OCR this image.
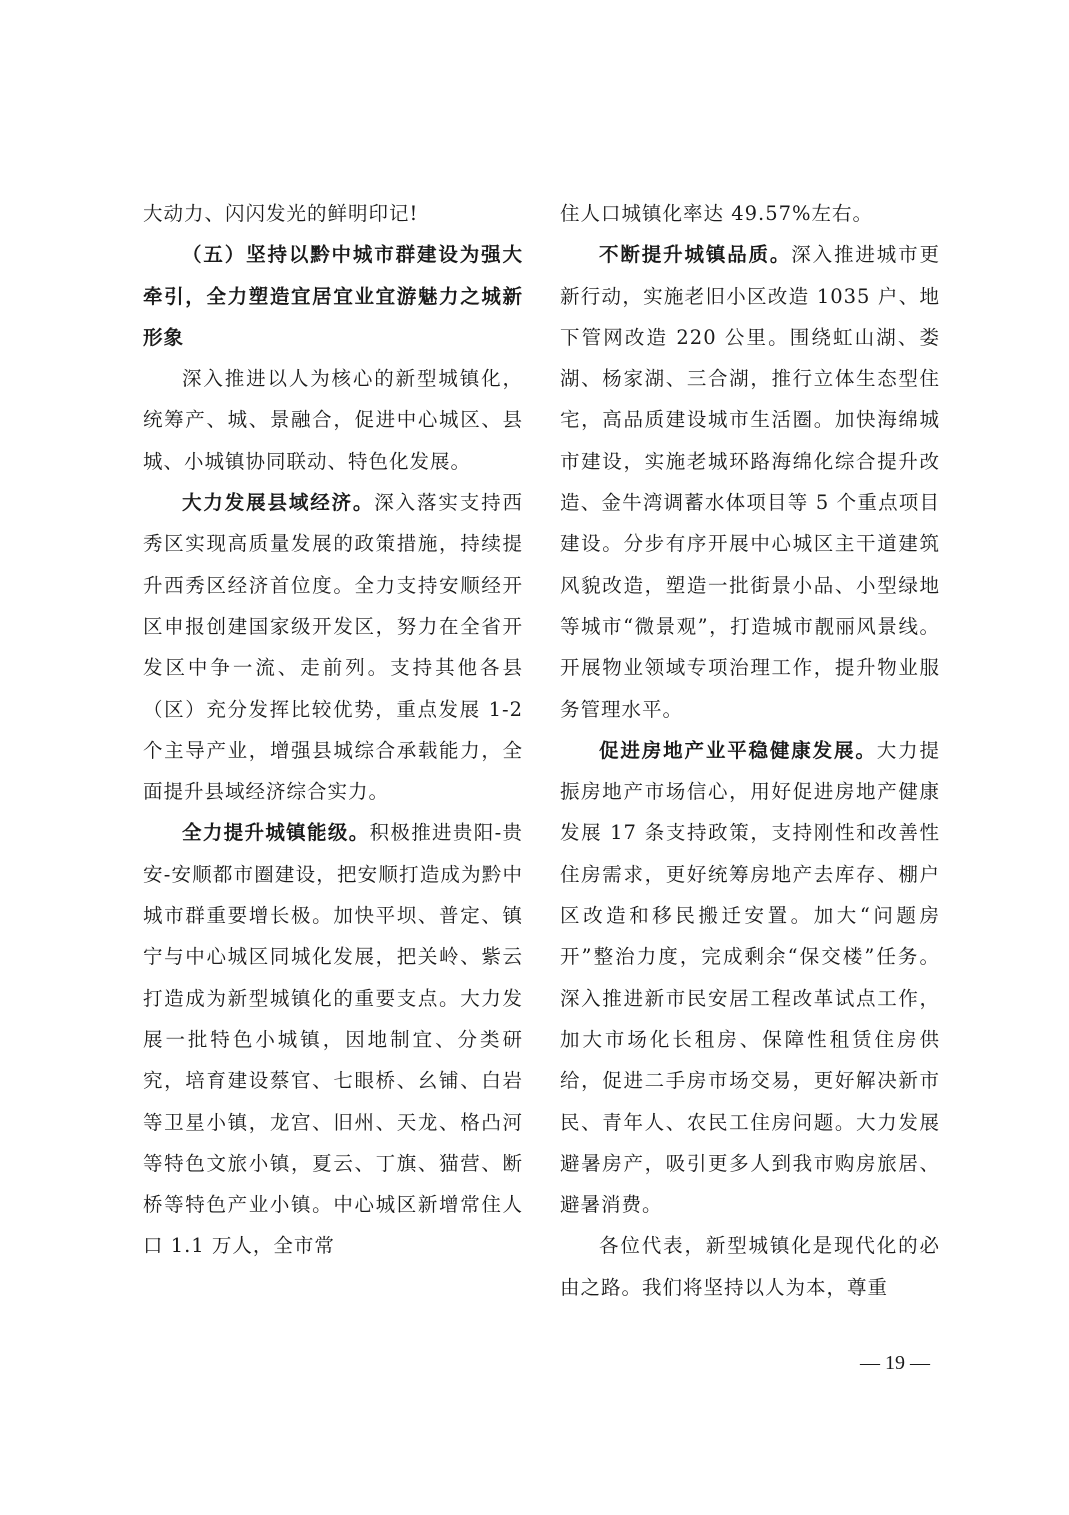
大动力、闪闪发光的鲜明印记!

（五）坚持以黔中城市群建设为强大牵引，全力塑造宜居宜业宜游魅力之城新形象

深入推进以人为核心的新型城镇化，统筹产、城、景融合，促进中心城区、县城、小城镇协同联动、特色化发展。

大力发展县域经济。深入落实支持西秀区实现高质量发展的政策措施，持续提升西秀区经济首位度。全力支持安顺经开区申报创建国家级开发区，努力在全省开发区中争一流、走前列。支持其他各县（区）充分发挥比较优势，重点发展 1-2 个主导产业，增强县城综合承载能力，全面提升县域经济综合实力。

全力提升城镇能级。积极推进贵阳-贵安-安顺都市圈建设，把安顺打造成为黔中城市群重要增长极。加快平坝、普定、镇宁与中心城区同城化发展，把关岭、紫云打造成为新型城镇化的重要支点。大力发展一批特色小城镇，因地制宜、分类研究，培育建设蔡官、七眼桥、幺铺、白岩等卫星小镇，龙宫、旧州、天龙、格凸河等特色文旅小镇，夏云、丁旗、猫营、断桥等特色产业小镇。中心城区新增常住人口 1.1 万人，全市常

住人口城镇化率达 49.57%左右。

不断提升城镇品质。深入推进城市更新行动，实施老旧小区改造 1035 户、地下管网改造 220 公里。围绕虹山湖、娄湖、杨家湖、三合湖，推行立体生态型住宅，高品质建设城市生活圈。加快海绵城市建设，实施老城环路海绵化综合提升改造、金牛湾调蓄水体项目等 5 个重点项目建设。分步有序开展中心城区主干道建筑风貌改造，塑造一批街景小品、小型绿地等城市“微景观”，打造城市靓丽风景线。开展物业领域专项治理工作，提升物业服务管理水平。

促进房地产业平稳健康发展。大力提振房地产市场信心，用好促进房地产健康发展 17 条支持政策，支持刚性和改善性住房需求，更好统筹房地产去库存、棚户区改造和移民搬迁安置。加大“问题房开”整治力度，完成剩余“保交楼”任务。深入推进新市民安居工程改革试点工作，加大市场化长租房、保障性租赁住房供给，促进二手房市场交易，更好解决新市民、青年人、农民工住房问题。大力发展避暑房产，吸引更多人到我市购房旅居、避暑消费。

各位代表，新型城镇化是现代化的必由之路。我们将坚持以人为本，尊重

— 19 —
